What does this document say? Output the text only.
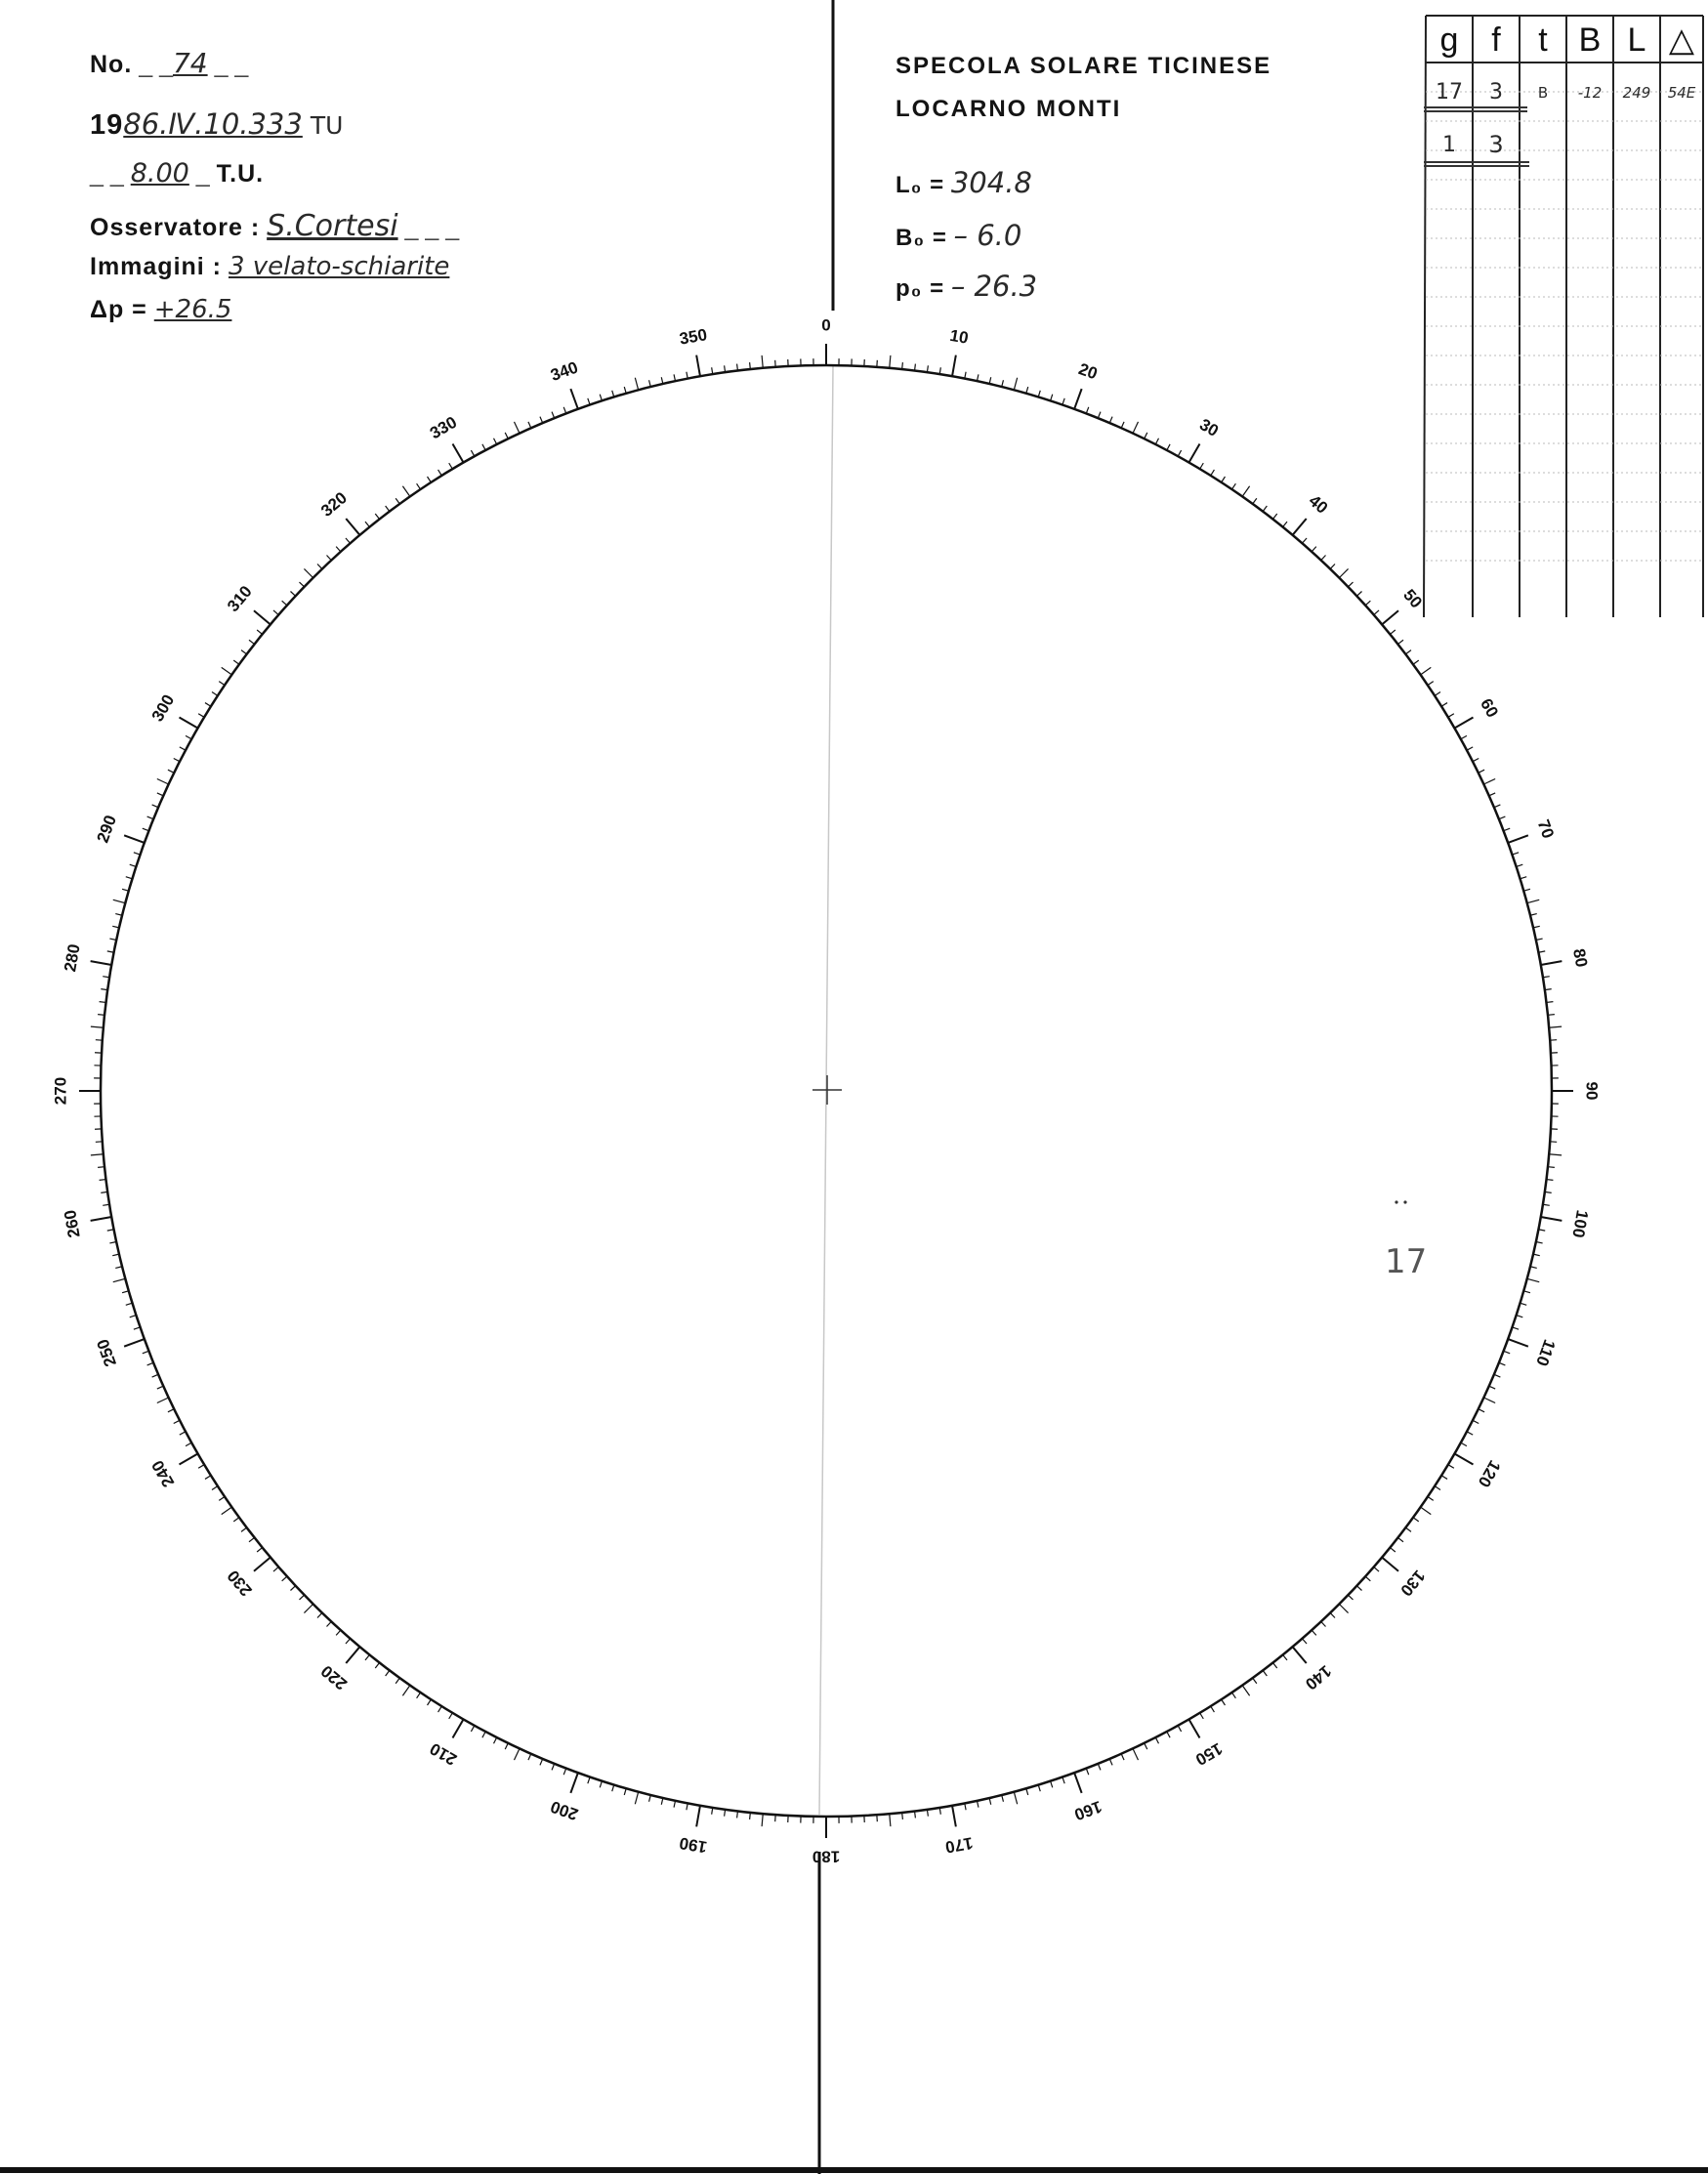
No. _ _74 _ _
1986.Ⅳ.10.333 TU
_ _ 8.00 _ T.U.
Osservatore : S.Cortesi _ _ _
Immagini : 3 velato-schiarite
Δp = +26.5
SPECOLA SOLARE TICINESE
LOCARNO MONTI
L₀ = 304.8
B₀ = – 6.0
p₀ = – 26.3
g f	t B L △
17	3	B	-12	249	54E
1	3
0
10
20
30
40
50
60
70
80
90
100
110
120
130
140
150
160
170
180
190
200
210
220
230
240
250
260
270
280
290
300
310
320
330
340
350
17
